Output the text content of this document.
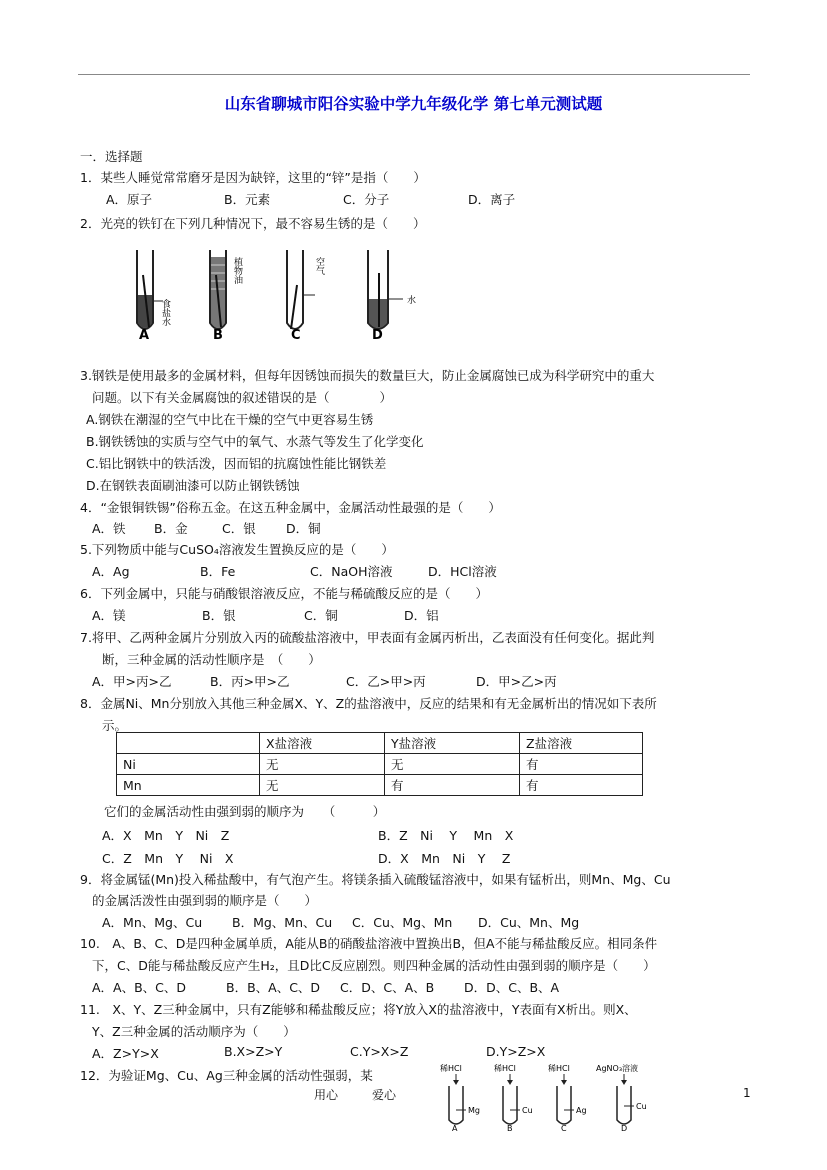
山东省聊城市阳谷实验中学九年级化学 第七单元测试题
一．选择题
1．某些人睡觉常常磨牙是因为缺锌，这里的“锌”是指（　　）
A．原子	B．元素	C．分子	D．离子
2．光亮的铁钉在下列几种情况下，最不容易生锈的是（　　）
食盐水
A
植物油
B
空气
C
水
D
3.钢铁是使用最多的金属材料，但每年因锈蚀而损失的数量巨大，防止金属腐蚀已成为科学研究中的重大
问题。以下有关金属腐蚀的叙述错误的是（　　　　）
A.钢铁在潮湿的空气中比在干燥的空气中更容易生锈
B.钢铁锈蚀的实质与空气中的氧气、水蒸气等发生了化学变化
C.铝比钢铁中的铁活泼，因而铝的抗腐蚀性能比钢铁差
D.在钢铁表面刷油漆可以防止钢铁锈蚀
4．“金银铜铁锡”俗称五金。在这五种金属中，金属活动性最强的是（　　）
A．铁 B．金	C．银 D．铜
5.下列物质中能与CuSO₄溶液发生置换反应的是（　　）
A．Ag	B．Fe	C．NaOH溶液	D．HCl溶液
6．下列金属中，只能与硝酸银溶液反应，不能与稀硫酸反应的是（　　）
A．镁	B．银	C．铜	D．铝
7.将甲、乙两种金属片分别放入丙的硫酸盐溶液中，甲表面有金属丙析出，乙表面没有任何变化。据此判
断，三种金属的活动性顺序是　（　　）
A．甲>丙>乙	B．丙>甲>乙	C．乙>甲>丙	D．甲>乙>丙
8．金属Ni、Mn分别放入其他三种金属X、Y、Z的盐溶液中，反应的结果和有无金属析出的情况如下表所
示。
	X盐溶液	Y盐溶液	Z盐溶液
Ni	无	无	有
Mn	无	有	有
它们的金属活动性由强到弱的顺序为　　（　　　）
A．X　Mn　Y　Ni　Z	B．Z　Ni　 Y　 Mn　X
C．Z　Mn　Y　 Ni　X	D．X　Mn　Ni　Y　 Z
9．将金属锰(Mn)投入稀盐酸中，有气泡产生。将镁条插入硫酸锰溶液中，如果有锰析出，则Mn、Mg、Cu
的金属活泼性由强到弱的顺序是（　　）
A．Mn、Mg、Cu B．Mg、Mn、Cu C．Cu、Mg、Mn D．Cu、Mn、Mg
10.　A、B、C、D是四种金属单质，A能从B的硝酸盐溶液中置换出B，但A不能与稀盐酸反应。相同条件
下，C、D能与稀盐酸反应产生H₂，且D比C反应剧烈。则四种金属的活动性由强到弱的顺序是（　　）
A．A、B、C、D	B．B、A、C、D C．D、C、A、B D．D、C、B、A
11.　X、Y、Z三种金属中，只有Z能够和稀盐酸反应；将Y放入X的盐溶液中，Y表面有X析出。则X、
Y、Z三种金属的活动顺序为（　　）
A．Z>Y>X	B.X>Z>Y	C.Y>X>Z	D.Y>Z>X
12．为验证Mg、Cu、Ag三种金属的活动性强弱，某	稀HCl
Mg
A
稀HCl
Cu
B
稀HCl
Ag
C
AgNO₃溶液
Cu
D
用心	爱心	1
